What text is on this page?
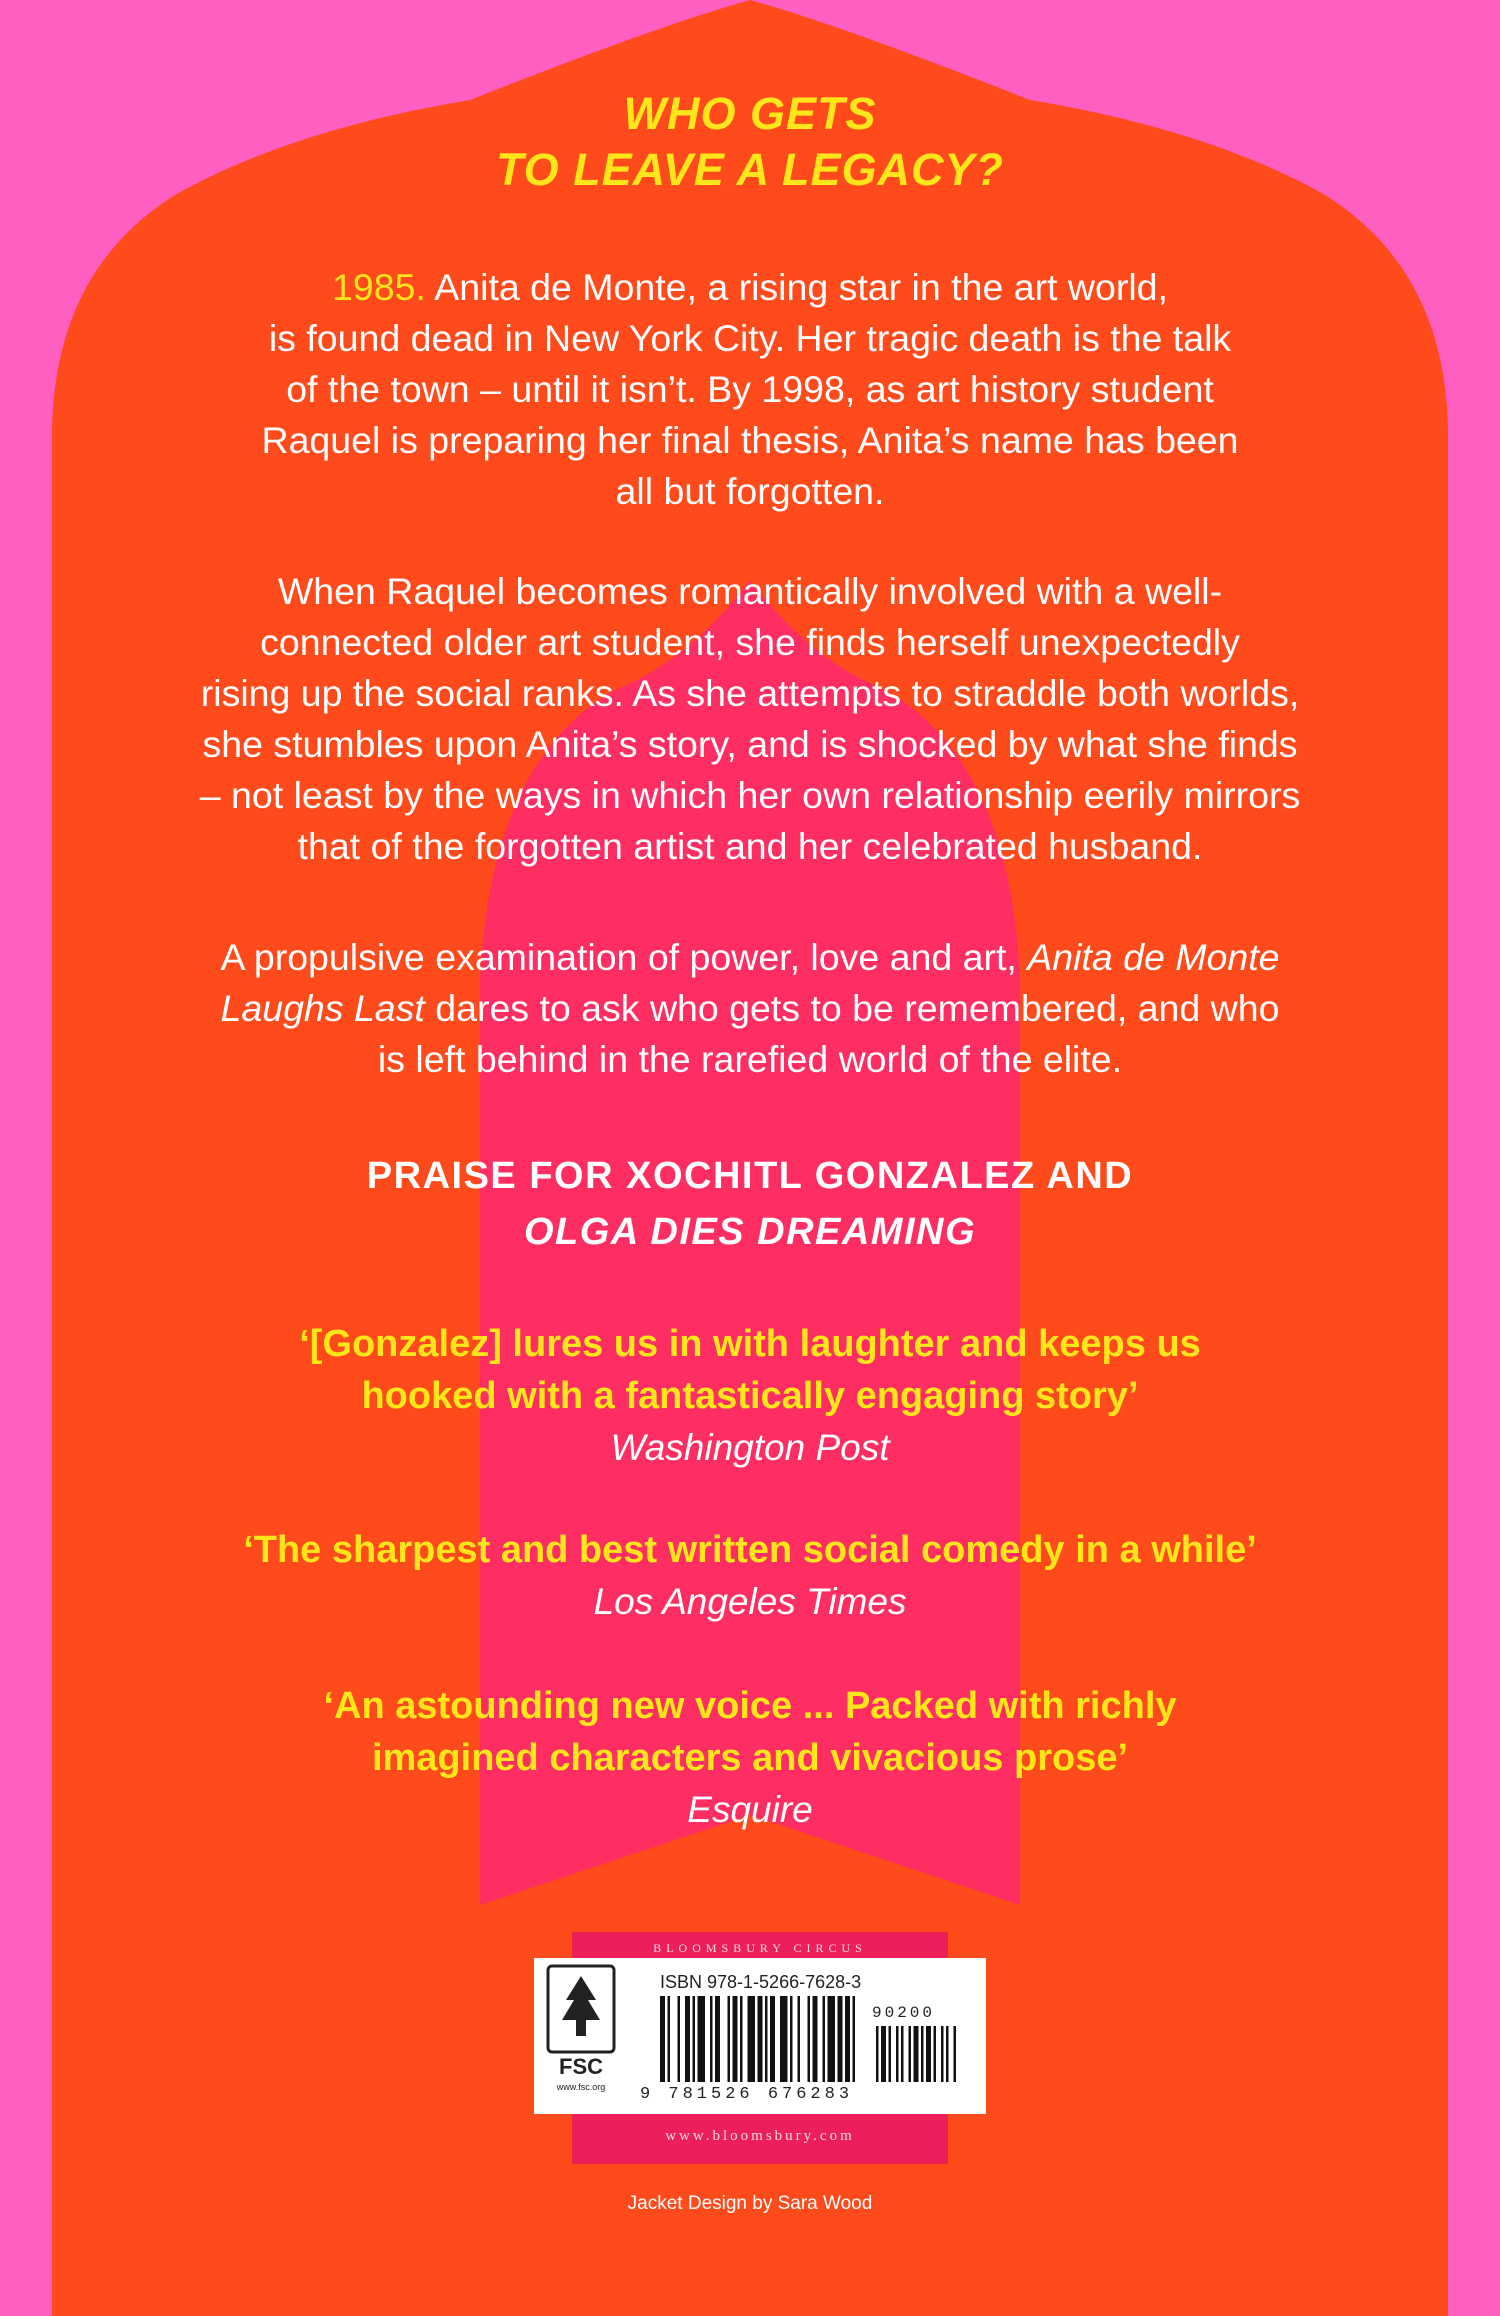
WHO GETS
TO LEAVE A LEGACY?
1985. Anita de Monte, a rising star in the art world,
is found dead in New York City. Her tragic death is the talk
of the town – until it isn’t. By 1998, as art history student
Raquel is preparing her final thesis, Anita’s name has been
all but forgotten.
When Raquel becomes romantically involved with a well-
connected older art student, she finds herself unexpectedly
rising up the social ranks. As she attempts to straddle both worlds,
she stumbles upon Anita’s story, and is shocked by what she finds
– not least by the ways in which her own relationship eerily mirrors
that of the forgotten artist and her celebrated husband.
A propulsive examination of power, love and art, Anita de Monte
Laughs Last dares to ask who gets to be remembered, and who
is left behind in the rarefied world of the elite.
PRAISE FOR XOCHITL GONZALEZ AND
OLGA DIES DREAMING
‘[Gonzalez] lures us in with laughter and keeps us
hooked with a fantastically engaging story’
Washington Post
‘The sharpest and best written social comedy in a while’
Los Angeles Times
‘An astounding new voice ... Packed with richly
imagined characters and vivacious prose’
Esquire
BLOOMSBURY CIRCUS
ISBN 978-1-5266-7628-3
90200
9 781526 676283
FSC
www.fsc.org
www.bloomsbury.com
Jacket Design by Sara Wood
